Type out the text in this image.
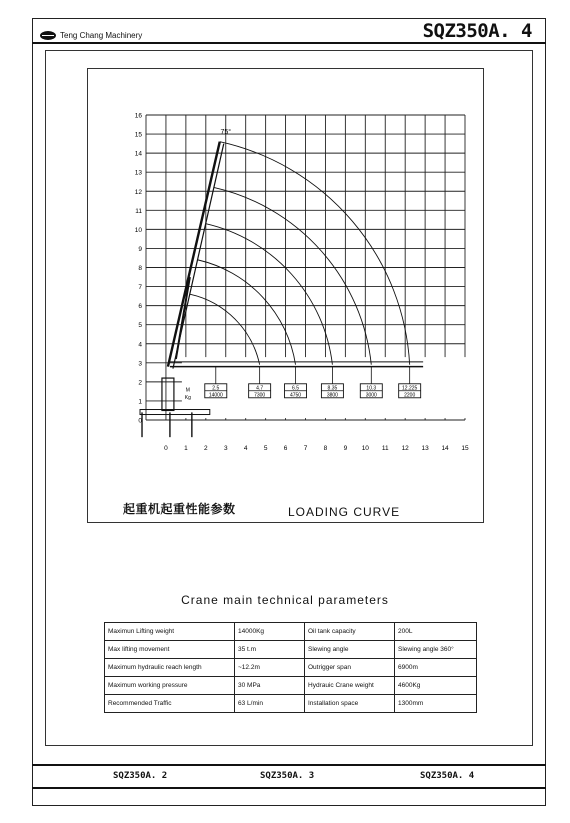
Teng Chang Machinery	SQZ350A. 4
0
1
2
3
4
5
6
7
8
9
10
11
12
13
14
15
16
0	1	2	3	4	5	6	7	8	9 10 11 12 13 14 15
75°
M
Kg
2.5
14000
4.7
7300
6.5
4750
8.35
3800
10.3
3000
12.225
2200
起重机起重性能参数	LOADING CURVE
Crane main technical parameters
Maximun Lifting weight	14000Kg	Oil tank capacity	200L
Max lifting movement	35 t.m	Slewing angle	Slewing angle 360°
Maximum hydraulic reach length	~12.2m	Outrigger span	6900m
Maximum working pressure	30 MPa	Hydrauic Crane weight	4600Kg
Recommended Traffic	63 L/min	Installation space	1300mm
SQZ350A. 2	SQZ350A. 3	SQZ350A. 4
